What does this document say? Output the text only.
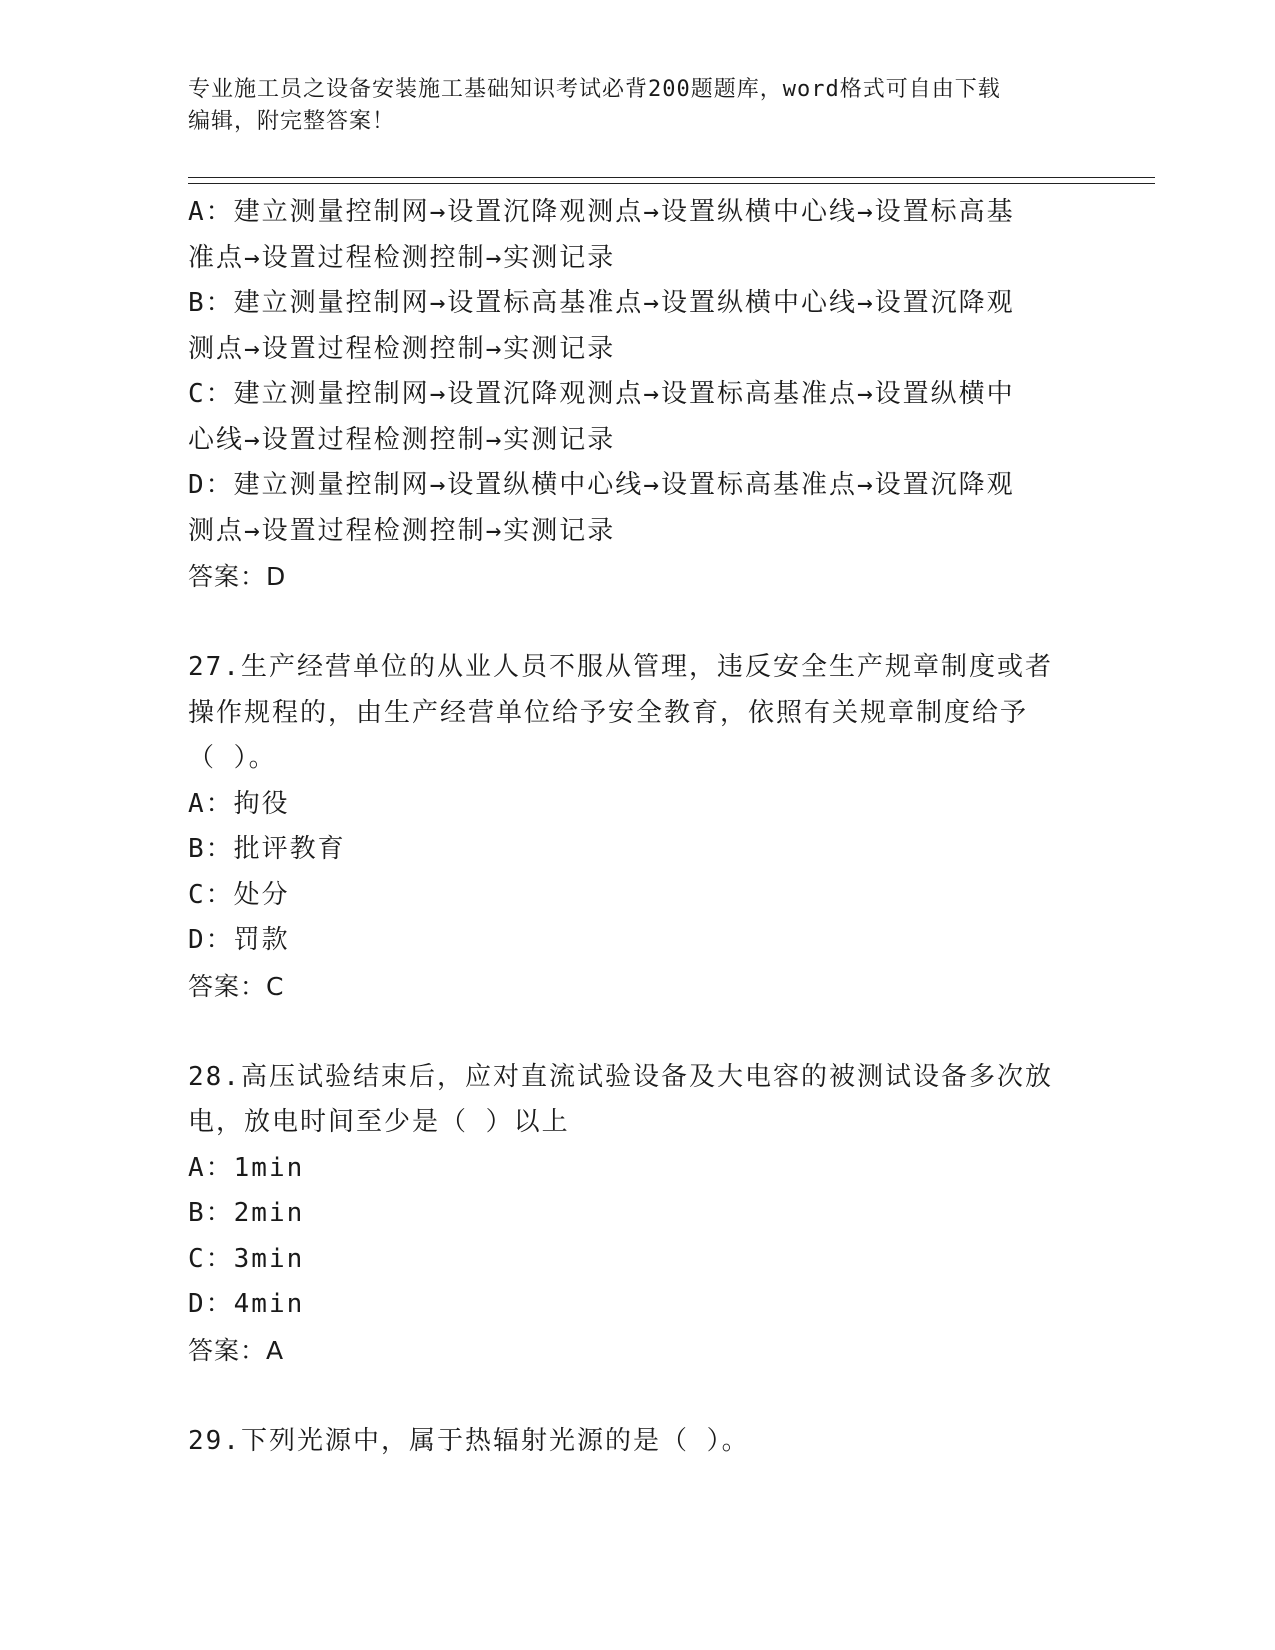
专业施工员之设备安装施工基础知识考试必背200题题库，word格式可自由下载
编辑，附完整答案！
A：建立测量控制网→设置沉降观测点→设置纵横中心线→设置标高基
准点→设置过程检测控制→实测记录
B：建立测量控制网→设置标高基准点→设置纵横中心线→设置沉降观
测点→设置过程检测控制→实测记录
C：建立测量控制网→设置沉降观测点→设置标高基准点→设置纵横中
心线→设置过程检测控制→实测记录
D：建立测量控制网→设置纵横中心线→设置标高基准点→设置沉降观
测点→设置过程检测控制→实测记录
答案：D
27.生产经营单位的从业人员不服从管理，违反安全生产规章制度或者
操作规程的，由生产经营单位给予安全教育，依照有关规章制度给予
（ ）。
A：拘役
B：批评教育
C：处分
D：罚款
答案：C
28.高压试验结束后，应对直流试验设备及大电容的被测试设备多次放
电，放电时间至少是（ ）以上
A：1min
B：2min
C：3min
D：4min
答案：A
29.下列光源中，属于热辐射光源的是（ ）。
